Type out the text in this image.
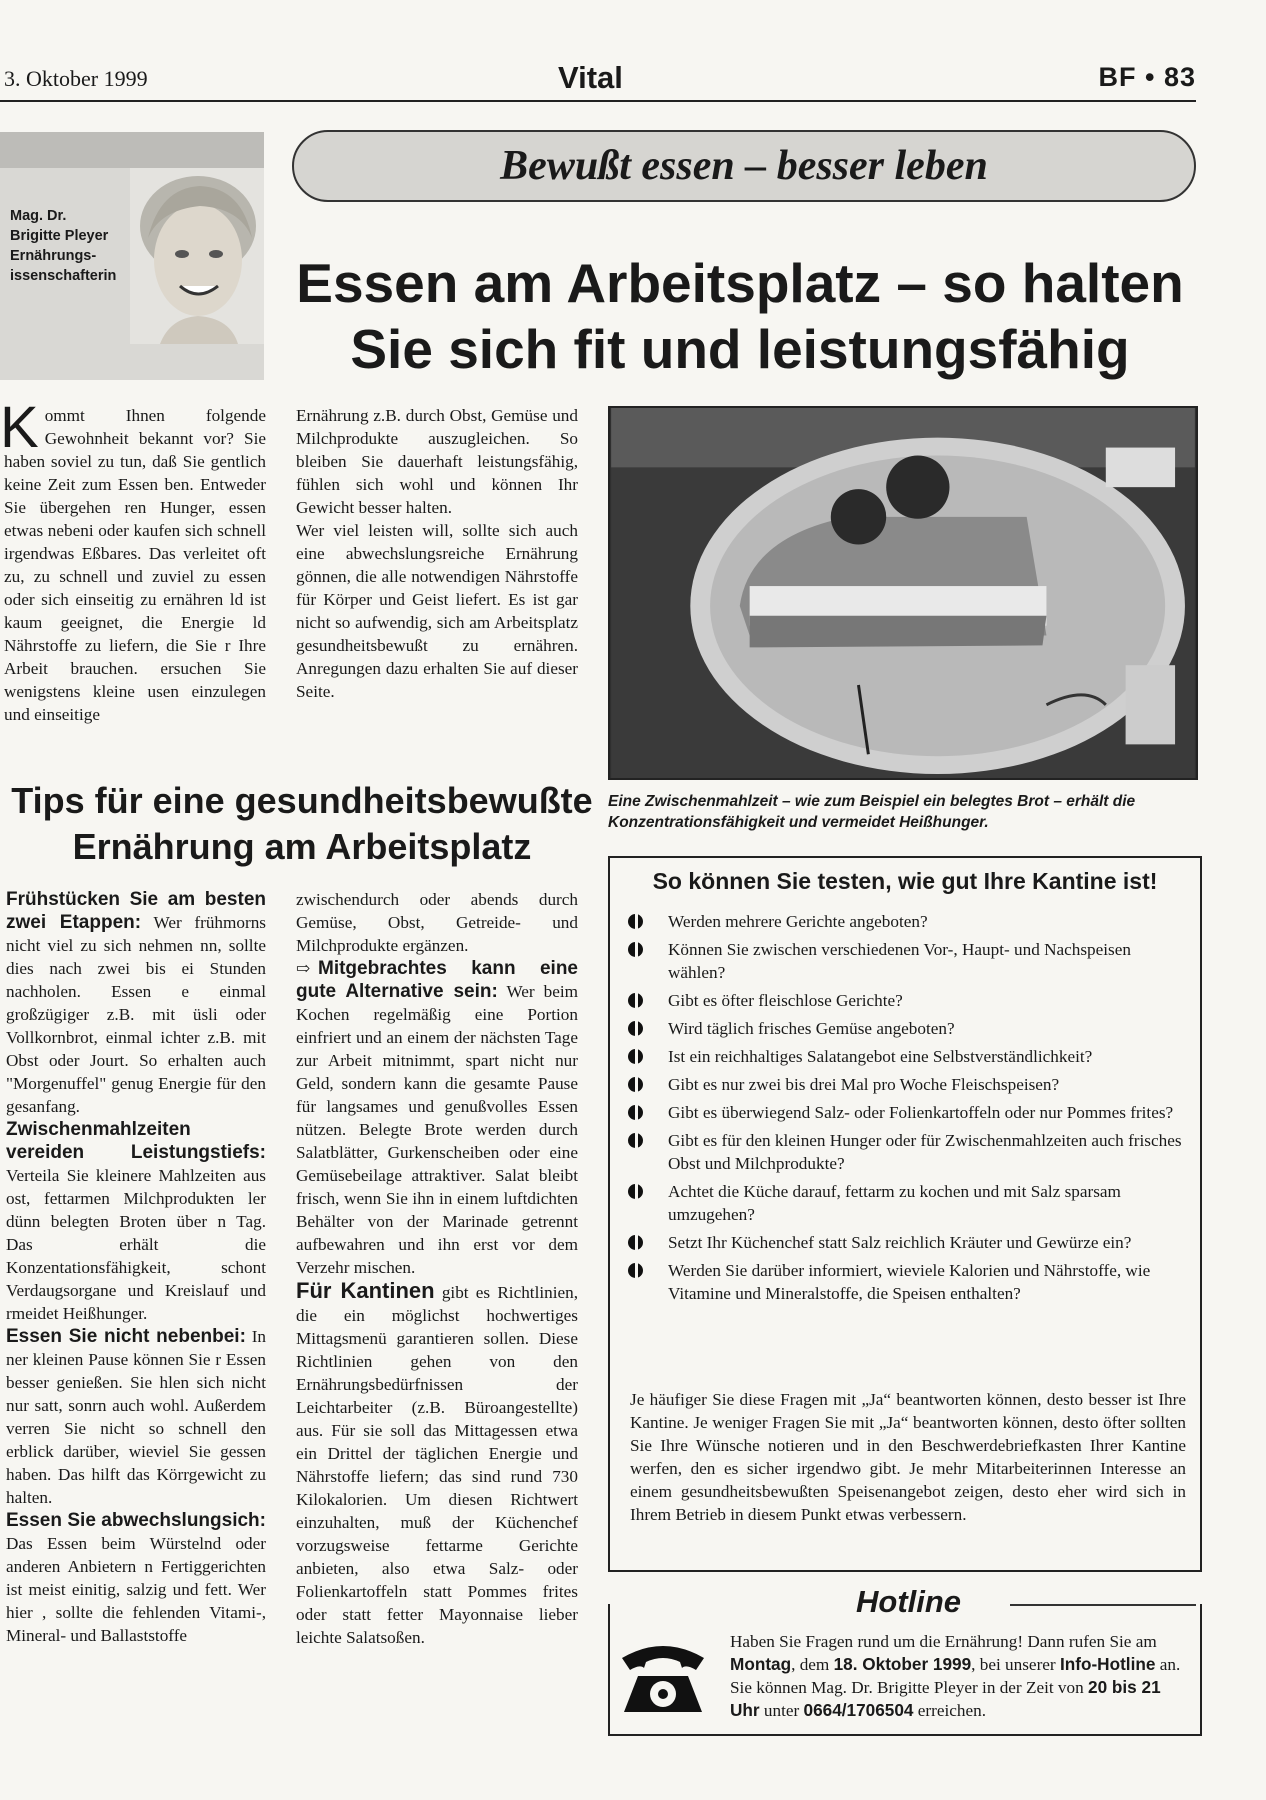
3. Oktober 1999	Vital	BF • 83
Mag. Dr.
Brigitte Pleyer
Ernährungs-
issenschafterin
Bewußt essen – besser leben
Essen am Arbeitsplatz – so halten
Sie sich fit und leistungsfähig

Kommt Ihnen folgende Gewohnheit bekannt vor? Sie haben soviel zu tun, daß Sie gentlich keine Zeit zum Essen ben. Entweder Sie übergehen ren Hunger, essen etwas nebeni oder kaufen sich schnell irgendwas Eßbares. Das verleitet oft zu, zu schnell und zuviel zu essen oder sich einseitig zu ernähren ld ist kaum geeignet, die Energie ld Nährstoffe zu liefern, die Sie r Ihre Arbeit brauchen. ersuchen Sie wenigstens kleine usen einzulegen und einseitige

Ernährung z.B. durch Obst, Gemüse und Milchprodukte auszugleichen. So bleiben Sie dauerhaft leistungsfähig, fühlen sich wohl und können Ihr Gewicht besser halten.

Wer viel leisten will, sollte sich auch eine abwechslungsreiche Ernährung gönnen, die alle notwendigen Nährstoffe für Körper und Geist liefert. Es ist gar nicht so aufwendig, sich am Arbeitsplatz gesundheitsbewußt zu ernähren. Anregungen dazu erhalten Sie auf dieser Seite.

Eine Zwischenmahlzeit – wie zum Beispiel ein belegtes Brot – erhält die Konzentrationsfähigkeit und vermeidet Heißhunger.
Tips für eine gesundheitsbewußte
Ernährung am Arbeitsplatz

Frühstücken Sie am besten zwei Etappen: Wer frühmorns nicht viel zu sich nehmen nn, sollte dies nach zwei bis ei Stunden nachholen. Essen e einmal großzügiger z.B. mit üsli oder Vollkornbrot, einmal ichter z.B. mit Obst oder Jourt. So erhalten auch "Morgenuffel" genug Energie für den gesanfang.

Zwischenmahlzeiten vereiden Leistungstiefs: Verteila Sie kleinere Mahlzeiten aus ost, fettarmen Milchprodukten ler dünn belegten Broten über n Tag. Das erhält die Konzentationsfähigkeit, schont Verdaugsorgane und Kreislauf und rmeidet Heißhunger.

Essen Sie nicht nebenbei: In ner kleinen Pause können Sie r Essen besser genießen. Sie hlen sich nicht nur satt, sonrn auch wohl. Außerdem verren Sie nicht so schnell den erblick darüber, wieviel Sie gessen haben. Das hilft das Körrgewicht zu halten.

Essen Sie abwechslungsich: Das Essen beim Würstelnd oder anderen Anbietern n Fertiggerichten ist meist einitig, salzig und fett. Wer hier , sollte die fehlenden Vitami-, Mineral- und Ballaststoffe

zwischendurch oder abends durch Gemüse, Obst, Getreide- und Milchprodukte ergänzen.

⇨ Mitgebrachtes kann eine gute Alternative sein: Wer beim Kochen regelmäßig eine Portion einfriert und an einem der nächsten Tage zur Arbeit mitnimmt, spart nicht nur Geld, sondern kann die gesamte Pause für langsames und genußvolles Essen nützen. Belegte Brote werden durch Salatblätter, Gurkenscheiben oder eine Gemüsebeilage attraktiver. Salat bleibt frisch, wenn Sie ihn in einem luftdichten Behälter von der Marinade getrennt aufbewahren und ihn erst vor dem Verzehr mischen.

Für Kantinen gibt es Richtlinien, die ein möglichst hochwertiges Mittagsmenü garantieren sollen. Diese Richtlinien gehen von den Ernährungsbedürfnissen der Leichtarbeiter (z.B. Büroangestellte) aus. Für sie soll das Mittagessen etwa ein Drittel der täglichen Energie und Nährstoffe liefern; das sind rund 730 Kilokalorien. Um diesen Richtwert einzuhalten, muß der Küchenchef vorzugsweise fettarme Gerichte anbieten, also etwa Salz- oder Folienkartoffeln statt Pommes frites oder statt fetter Mayonnaise lieber leichte Salatsoßen.

So können Sie testen, wie gut Ihre Kantine ist!
Werden mehrere Gerichte angeboten?
Können Sie zwischen verschiedenen Vor-, Haupt- und Nachspeisen wählen?
Gibt es öfter fleischlose Gerichte?
Wird täglich frisches Gemüse angeboten?
Ist ein reichhaltiges Salatangebot eine Selbstverständlichkeit?
Gibt es nur zwei bis drei Mal pro Woche Fleischspeisen?
Gibt es überwiegend Salz- oder Folienkartoffeln oder nur Pommes frites?
Gibt es für den kleinen Hunger oder für Zwischenmahlzeiten auch frisches Obst und Milchprodukte?
Achtet die Küche darauf, fettarm zu kochen und mit Salz sparsam umzugehen?
Setzt Ihr Küchenchef statt Salz reichlich Kräuter und Gewürze ein?
Werden Sie darüber informiert, wieviele Kalorien und Nährstoffe, wie Vitamine und Mineralstoffe, die Speisen enthalten?

Je häufiger Sie diese Fragen mit „Ja“ beantworten können, desto besser ist Ihre Kantine. Je weniger Fragen Sie mit „Ja“ beantworten können, desto öfter sollten Sie Ihre Wünsche notieren und in den Beschwerdebriefkasten Ihrer Kantine werfen, den es sicher irgendwo gibt. Je mehr Mitarbeiterinnen Interesse an einem gesundheitsbewußten Speisenangebot zeigen, desto eher wird sich in Ihrem Betrieb in diesem Punkt etwas verbessern.

Hotline
Haben Sie Fragen rund um die Ernährung! Dann rufen Sie am Montag, dem 18. Oktober 1999, bei unserer Info-Hotline an. Sie können Mag. Dr. Brigitte Pleyer in der Zeit von 20 bis 21 Uhr unter 0664/1706504 erreichen.
